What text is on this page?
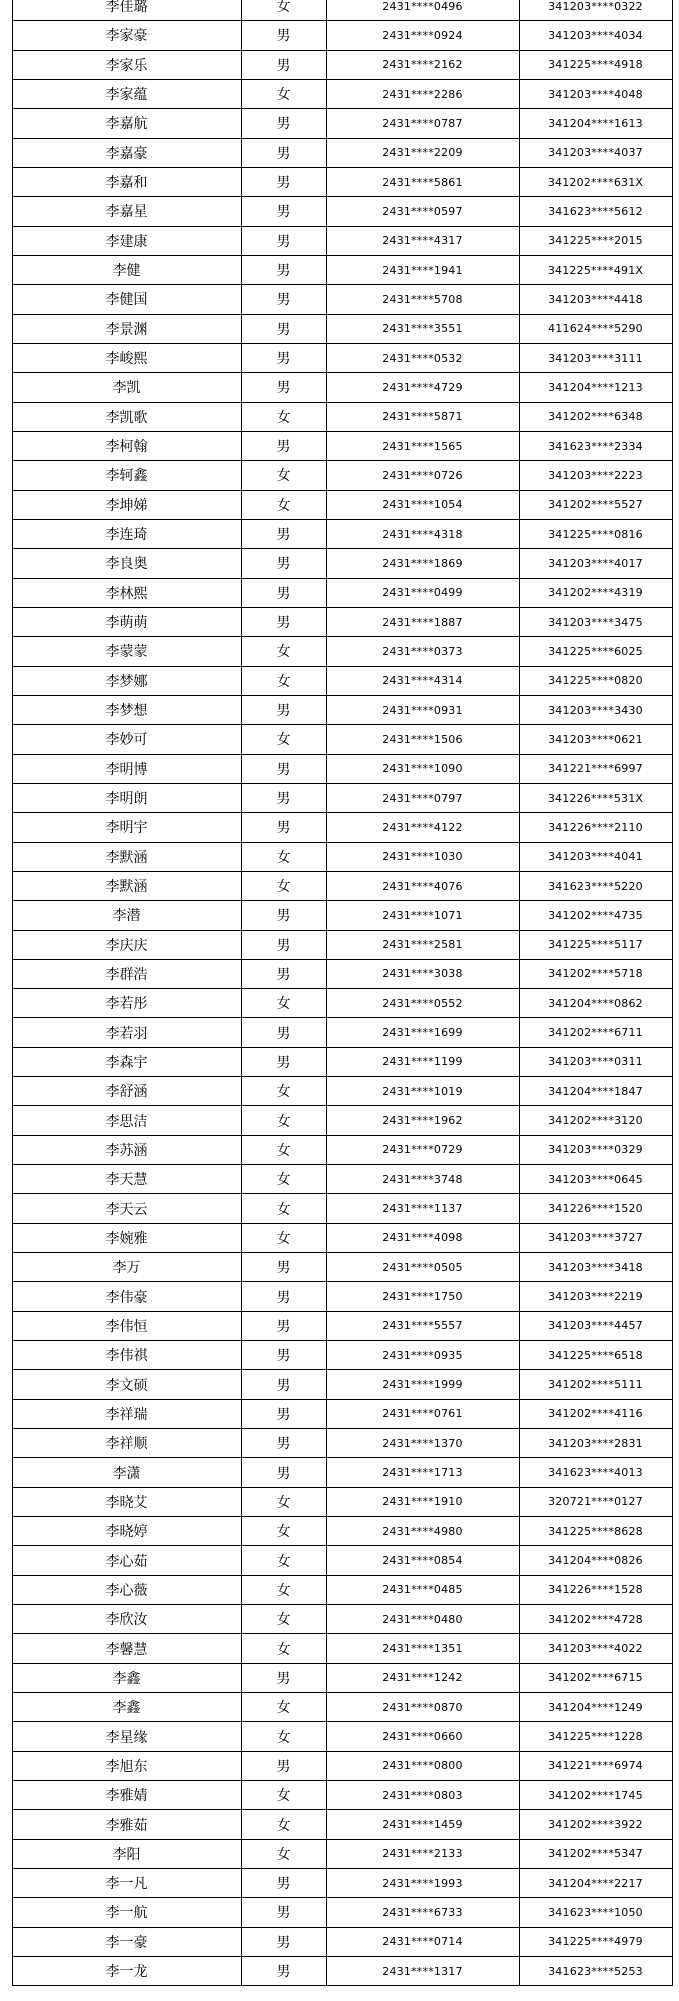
	李佳璐	女	2431****0496	341203****0322	
	李家豪	男	2431****0924	341203****4034	
	李家乐	男	2431****2162	341225****4918	
	李家蕴	女	2431****2286	341203****4048	
	李嘉航	男	2431****0787	341204****1613	
	李嘉豪	男	2431****2209	341203****4037	
	李嘉和	男	2431****5861	341202****631X	
	李嘉星	男	2431****0597	341623****5612	
	李建康	男	2431****4317	341225****2015	
	李健	男	2431****1941	341225****491X	
	李健国	男	2431****5708	341203****4418	
	李景渊	男	2431****3551	411624****5290	
	李峻熙	男	2431****0532	341203****3111	
	李凯	男	2431****4729	341204****1213	
	李凯歌	女	2431****5871	341202****6348	
	李柯翰	男	2431****1565	341623****2334	
	李轲鑫	女	2431****0726	341203****2223	
	李坤娣	女	2431****1054	341202****5527	
	李连琦	男	2431****4318	341225****0816	
	李良奥	男	2431****1869	341203****4017	
	李林熙	男	2431****0499	341202****4319	
	李萌萌	男	2431****1887	341203****3475	
	李蒙蒙	女	2431****0373	341225****6025	
	李梦娜	女	2431****4314	341225****0820	
	李梦想	男	2431****0931	341203****3430	
	李妙可	女	2431****1506	341203****0621	
	李明博	男	2431****1090	341221****6997	
	李明朗	男	2431****0797	341226****531X	
	李明宇	男	2431****4122	341226****2110	
	李默涵	女	2431****1030	341203****4041	
	李默涵	女	2431****4076	341623****5220	
	李潜	男	2431****1071	341202****4735	
	李庆庆	男	2431****2581	341225****5117	
	李群浩	男	2431****3038	341202****5718	
	李若彤	女	2431****0552	341204****0862	
	李若羽	男	2431****1699	341202****6711	
	李森宇	男	2431****1199	341203****0311	
	李舒涵	女	2431****1019	341204****1847	
	李思洁	女	2431****1962	341202****3120	
	李苏涵	女	2431****0729	341203****0329	
	李天慧	女	2431****3748	341203****0645	
	李天云	女	2431****1137	341226****1520	
	李婉雅	女	2431****4098	341203****3727	
	李万	男	2431****0505	341203****3418	
	李伟豪	男	2431****1750	341203****2219	
	李伟恒	男	2431****5557	341203****4457	
	李伟祺	男	2431****0935	341225****6518	
	李文硕	男	2431****1999	341202****5111	
	李祥瑞	男	2431****0761	341202****4116	
	李祥顺	男	2431****1370	341203****2831	
	李潇	男	2431****1713	341623****4013	
	李晓艾	女	2431****1910	320721****0127	
	李晓婷	女	2431****4980	341225****8628	
	李心茹	女	2431****0854	341204****0826	
	李心薇	女	2431****0485	341226****1528	
	李欣汝	女	2431****0480	341202****4728	
	李馨慧	女	2431****1351	341203****4022	
	李鑫	男	2431****1242	341202****6715	
	李鑫	女	2431****0870	341204****1249	
	李星缘	女	2431****0660	341225****1228	
	李旭东	男	2431****0800	341221****6974	
	李雅婧	女	2431****0803	341202****1745	
	李雅茹	女	2431****1459	341202****3922	
	李阳	女	2431****2133	341202****5347	
	李一凡	男	2431****1993	341204****2217	
	李一航	男	2431****6733	341623****1050	
	李一豪	男	2431****0714	341225****4979	
	李一龙	男	2431****1317	341623****5253	
